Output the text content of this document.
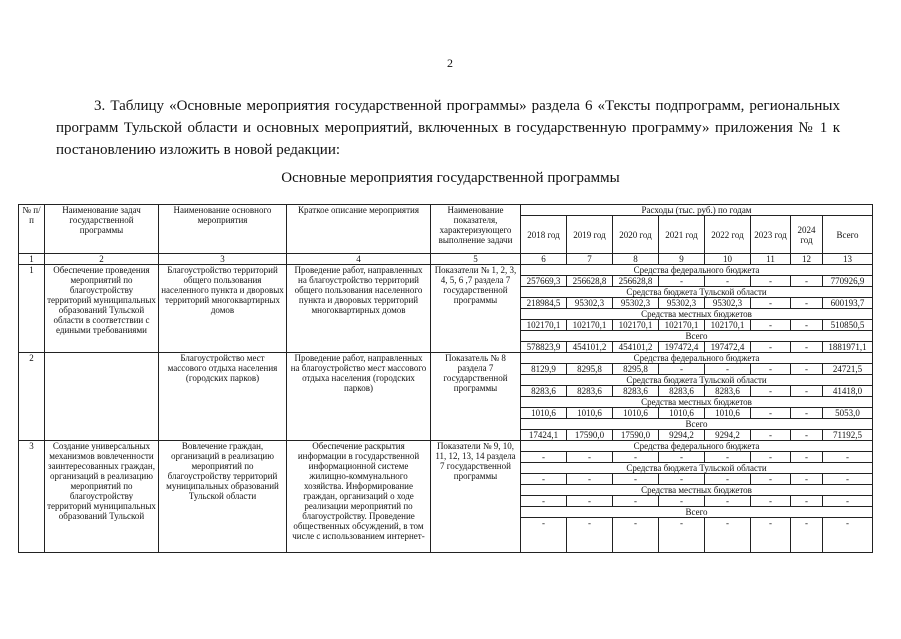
2
3. Таблицу «Основные мероприятия государственной программы» раздела 6 «Тексты подпрограмм, региональных программ Тульской области и основных мероприятий, включенных в государственную программу» приложения № 1 к постановлению изложить в новой редакции:
Основные мероприятия государственной программы
№ п/п	Наименование задач государственной программы	Наименование основного мероприятия	Краткое описание мероприятия	Наименование показателя, характеризующего выполнение задачи	Расходы (тыс. руб.) по годам							
					2018 год	2019 год	2020 год	2021 год	2022 год	2023 год	2024 год	Всего
1	2	3	4	5	6	7	8	9	10	11	12	13
1	Обеспечение проведения мероприятий по благоустройству территорий муниципальных образований Тульской области в соответствии с едиными требованиями	Благоустройство территорий общего пользования населенного пункта и дворовых территорий многоквартирных домов	Проведение работ, направленных на благоустройство территорий общего пользования населенного пункта и дворовых территорий многоквартирных домов	Показатели № 1, 2, 3, 4, 5, 6 ,7 раздела 7 государственной программы	Средства федерального бюджета							
					257669,3	256628,8	256628,8	-	-	-	-	770926,9
					Средства бюджета Тульской области							
					218984,5	95302,3	95302,3	95302,3	95302,3	-	-	600193,7
					Средства местных бюджетов							
					102170,1	102170,1	102170,1	102170,1	102170,1	-	-	510850,5
					Всего							
					578823,9	454101,2	454101,2	197472,4	197472,4	-	-	1881971,1
2		Благоустройство мест массового отдыха населения (городских парков)	Проведение работ, направленных на благоустройство мест массового отдыха населения (городских парков)	Показатель № 8 раздела 7 государственной программы	Средства федерального бюджета							
					8129,9	8295,8	8295,8	-	-	-	-	24721,5
					Средства бюджета Тульской области							
					8283,6	8283,6	8283,6	8283,6	8283,6	-	-	41418,0
					Средства местных бюджетов							
					1010,6	1010,6	1010,6	1010,6	1010,6	-	-	5053,0
					Всего							
					17424,1	17590,0	17590,0	9294,2	9294,2	-	-	71192,5
3	Создание универсальных механизмов вовлеченности заинтересованных граждан, организаций в реализацию мероприятий по благоустройству территорий муниципальных образований Тульской	Вовлечение граждан, организаций в реализацию мероприятий по благоустройству территорий муниципальных образований Тульской области	Обеспечение раскрытия информации в государственной информационной системе жилищно-коммунального хозяйства. Информирование граждан, организаций о ходе реализации мероприятий по благоустройству. Проведение общественных обсуждений, в том числе с использованием интернет-	Показатели № 9, 10, 11, 12, 13, 14 раздела 7 государственной программы	Средства федерального бюджета							
					-	-	-	-	-	-	-	-
					Средства бюджета Тульской области							
					-	-	-	-	-	-	-	-
					Средства местных бюджетов							
					-	-	-	-	-	-	-	-
					Всего							
					-	-	-	-	-	-	-	-
